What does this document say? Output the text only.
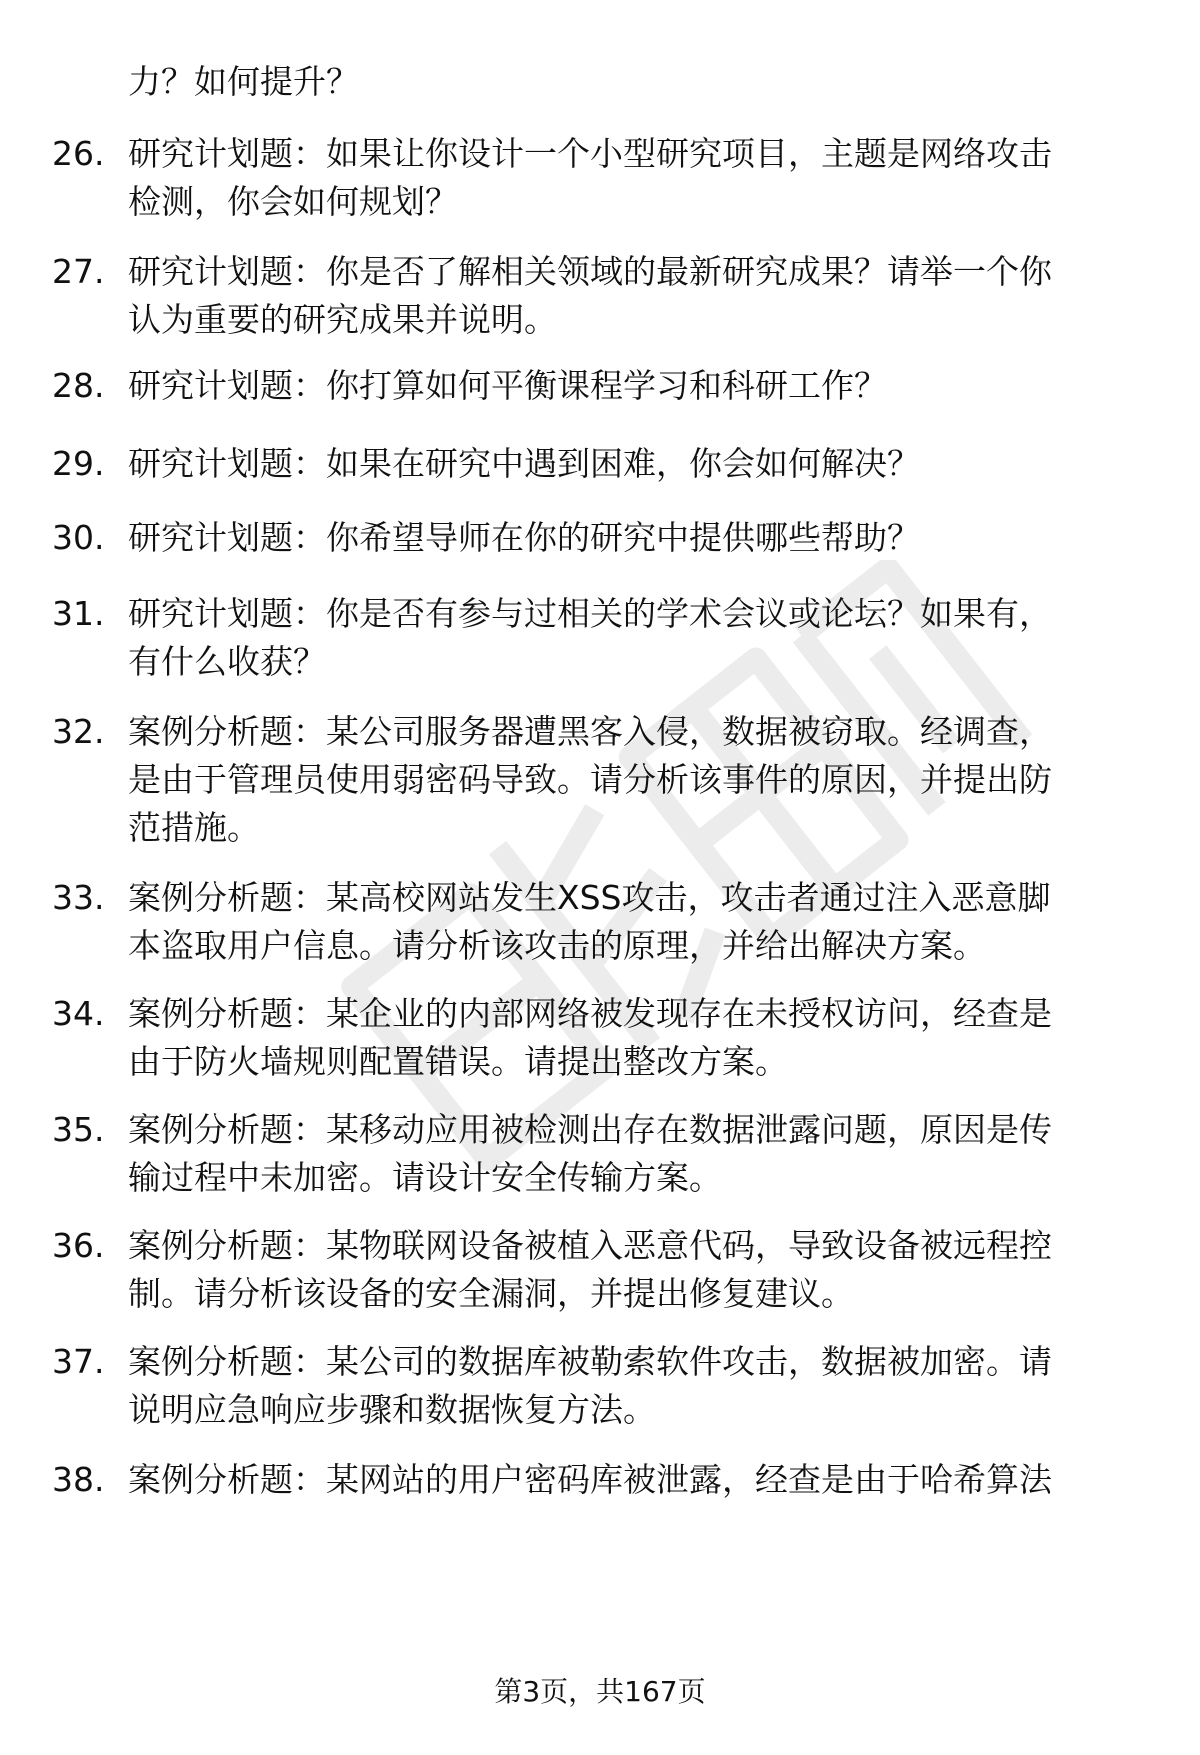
力？如何提升？
26. 研究计划题：如果让你设计一个小型研究项目，主题是网络攻击
检测，你会如何规划？
27. 研究计划题：你是否了解相关领域的最新研究成果？请举一个你
认为重要的研究成果并说明。
28. 研究计划题：你打算如何平衡课程学习和科研工作？
29. 研究计划题：如果在研究中遇到困难，你会如何解决？
30. 研究计划题：你希望导师在你的研究中提供哪些帮助？
31. 研究计划题：你是否有参与过相关的学术会议或论坛？如果有，
有什么收获？
32. 案例分析题：某公司服务器遭黑客入侵，数据被窃取。经调查，
是由于管理员使用弱密码导致。请分析该事件的原因，并提出防
范措施。
33. 案例分析题：某高校网站发生XSS攻击，攻击者通过注入恶意脚
本盗取用户信息。请分析该攻击的原理，并给出解决方案。
34. 案例分析题：某企业的内部网络被发现存在未授权访问，经查是
由于防火墙规则配置错误。请提出整改方案。
35. 案例分析题：某移动应用被检测出存在数据泄露问题，原因是传
输过程中未加密。请设计安全传输方案。
36. 案例分析题：某物联网设备被植入恶意代码，导致设备被远程控
制。请分析该设备的安全漏洞，并提出修复建议。
37. 案例分析题：某公司的数据库被勒索软件攻击，数据被加密。请
说明应急响应步骤和数据恢复方法。
38. 案例分析题：某网站的用户密码库被泄露，经查是由于哈希算法
第3页，共167页
